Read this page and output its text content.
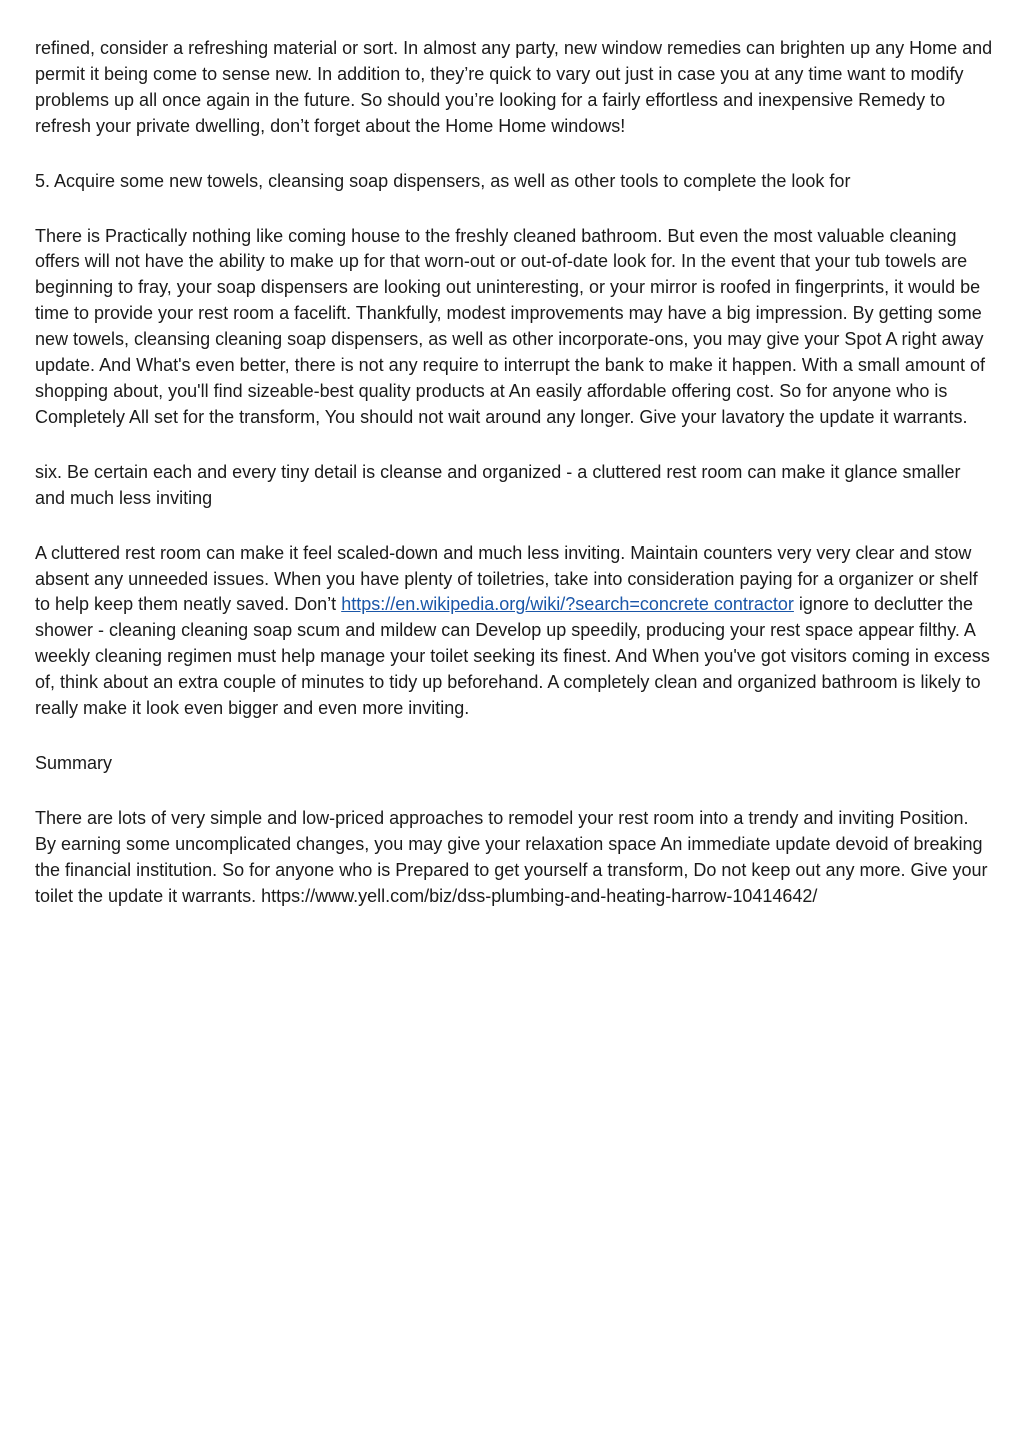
refined, consider a refreshing material or sort. In almost any party, new window remedies can brighten up any Home and permit it being come to sense new. In addition to, they’re quick to vary out just in case you at any time want to modify problems up all once again in the future. So should you’re looking for a fairly effortless and inexpensive Remedy to refresh your private dwelling, don’t forget about the Home Home windows!

5. Acquire some new towels, cleansing soap dispensers, as well as other tools to complete the look for

There is Practically nothing like coming house to the freshly cleaned bathroom. But even the most valuable cleaning offers will not have the ability to make up for that worn-out or out-of-date look for. In the event that your tub towels are beginning to fray, your soap dispensers are looking out uninteresting, or your mirror is roofed in fingerprints, it would be time to provide your rest room a facelift. Thankfully, modest improvements may have a big impression. By getting some new towels, cleansing cleaning soap dispensers, as well as other incorporate-ons, you may give your Spot A right away update. And What's even better, there is not any require to interrupt the bank to make it happen. With a small amount of shopping about, you'll find sizeable-best quality products at An easily affordable offering cost. So for anyone who is Completely All set for the transform, You should not wait around any longer. Give your lavatory the update it warrants.

six. Be certain each and every tiny detail is cleanse and organized - a cluttered rest room can make it glance smaller and much less inviting

A cluttered rest room can make it feel scaled-down and much less inviting. Maintain counters very very clear and stow absent any unneeded issues. When you have plenty of toiletries, take into consideration paying for a organizer or shelf to help keep them neatly saved. Don’t https://en.wikipedia.org/wiki/?search=concrete contractor ignore to declutter the shower - cleaning cleaning soap scum and mildew can Develop up speedily, producing your rest space appear filthy. A weekly cleaning regimen must help manage your toilet seeking its finest. And When you've got visitors coming in excess of, think about an extra couple of minutes to tidy up beforehand. A completely clean and organized bathroom is likely to really make it look even bigger and even more inviting.

Summary

There are lots of very simple and low-priced approaches to remodel your rest room into a trendy and inviting Position. By earning some uncomplicated changes, you may give your relaxation space An immediate update devoid of breaking the financial institution. So for anyone who is Prepared to get yourself a transform, Do not keep out any more. Give your toilet the update it warrants. https://www.yell.com/biz/dss-plumbing-and-heating-harrow-10414642/
